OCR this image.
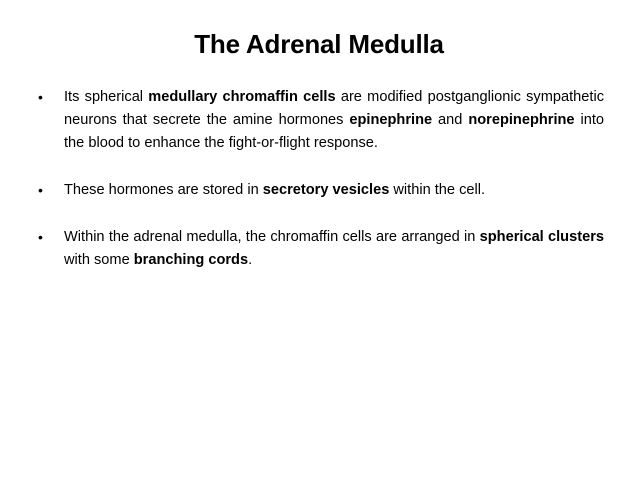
The Adrenal Medulla
• Its spherical medullary chromaffin cells are modified postganglionic sympathetic neurons that secrete the amine hormones epinephrine and norepinephrine into the blood to enhance the fight-or-flight response.
• These hormones are stored in secretory vesicles within the cell.
• Within the adrenal medulla, the chromaffin cells are arranged in spherical clusters with some branching cords.
